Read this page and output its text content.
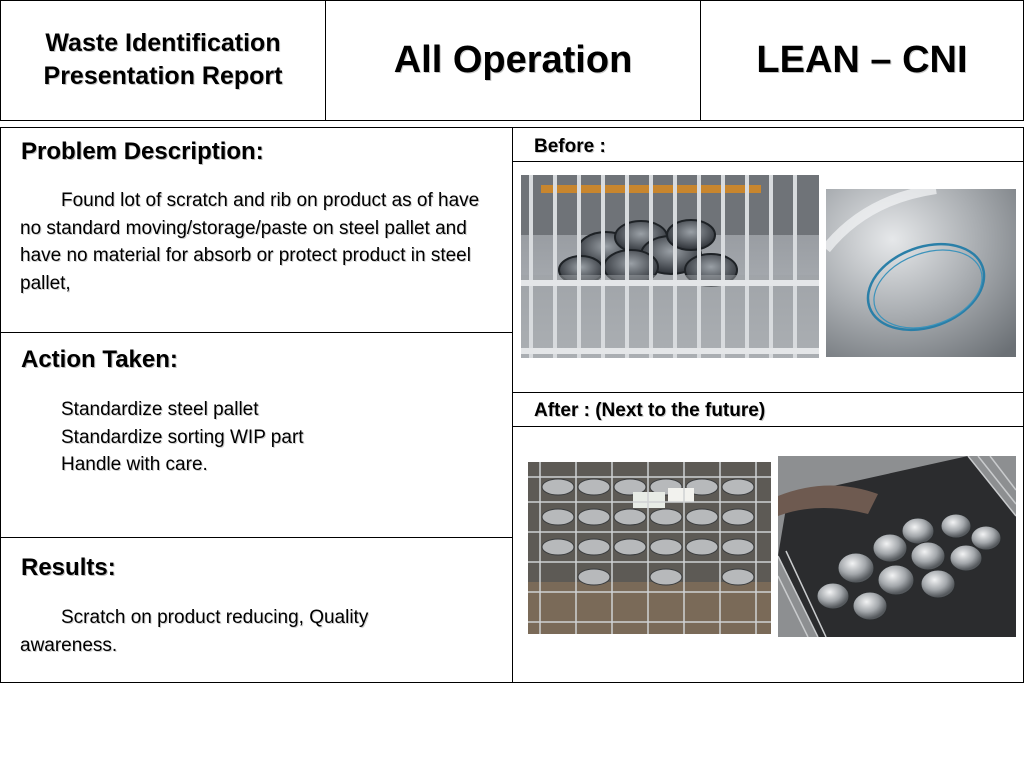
Waste Identification Presentation Report	All Operation	LEAN – CNI
Problem Description:
Found lot of scratch and rib on product as of have no standard moving/storage/paste on steel pallet and have no material for absorb or protect product in steel pallet,
Action Taken:
Standardize steel pallet
Standardize sorting WIP part
Handle with care.
Results:
Scratch on product reducing, Quality awareness.
Before :
After : (Next to the future)
